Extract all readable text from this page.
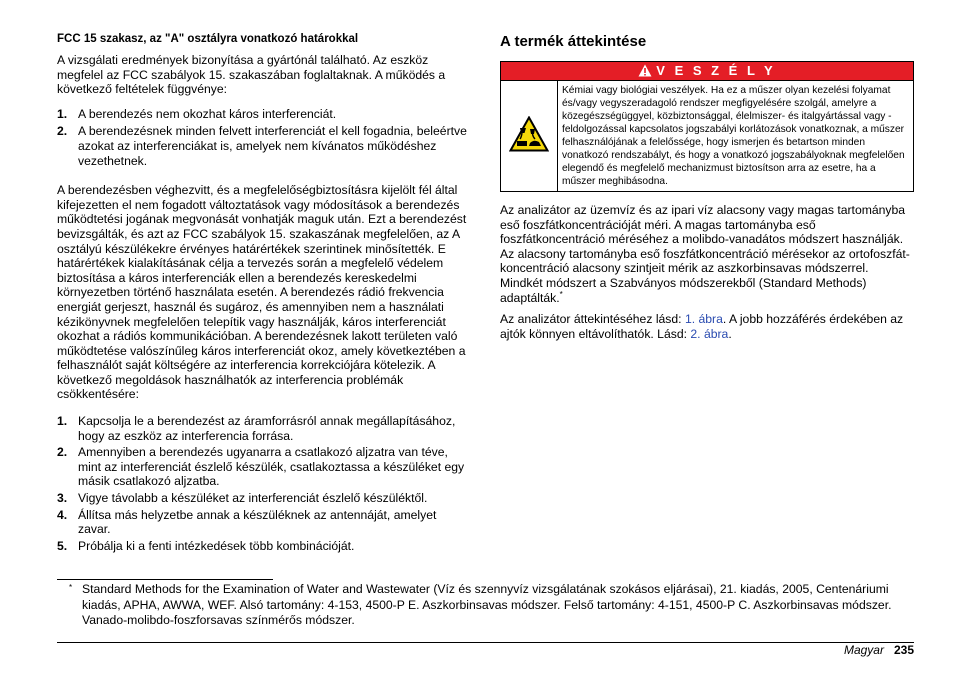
FCC 15 szakasz, az "A" osztályra vonatkozó határokkal

A vizsgálati eredmények bizonyítása a gyártónál található. Az eszköz megfelel az FCC szabályok 15. szakaszában foglaltaknak. A működés a következő feltételek függvénye:

1. A berendezés nem okozhat káros interferenciát.
2. A berendezésnek minden felvett interferenciát el kell fogadnia, beleértve azokat az interferenciákat is, amelyek nem kívánatos működéshez vezethetnek.

A berendezésben véghezvitt, és a megfelelőségbiztosításra kijelölt fél által kifejezetten el nem fogadott változtatások vagy módosítások a berendezés működtetési jogának megvonását vonhatják maguk után. Ezt a berendezést bevizsgálták, és azt az FCC szabályok 15. szakaszának megfelelően, az A osztályú készülékekre érvényes határértékek szerintinek minősítették. E határértékek kialakításának célja a tervezés során a megfelelő védelem biztosítása a káros interferenciák ellen a berendezés kereskedelmi környezetben történő használata esetén. A berendezés rádió frekvencia energiát gerjeszt, használ és sugároz, és amennyiben nem a használati kézikönyvnek megfelelően telepítik vagy használják, káros interferenciát okozhat a rádiós kommunikációban. A berendezésnek lakott területen való működtetése valószínűleg káros interferenciát okoz, amely következtében a felhasználót saját költségére az interferencia korrekciójára kötelezik. A következő megoldások használhatók az interferencia problémák csökkentésére:

1. Kapcsolja le a berendezést az áramforrásról annak megállapításához, hogy az eszköz az interferencia forrása.
2. Amennyiben a berendezés ugyanarra a csatlakozó aljzatra van téve, mint az interferenciát észlelő készülék, csatlakoztassa a készüléket egy másik csatlakozó aljzatba.
3. Vigye távolabb a készüléket az interferenciát észlelő készüléktől.
4. Állítsa más helyzetbe annak a készüléknek az antennáját, amelyet zavar.
5. Próbálja ki a fenti intézkedések több kombinációját.
A termék áttekintése
V E S Z É L Y
Kémiai vagy biológiai veszélyek. Ha ez a műszer olyan kezelési folyamat és/vagy vegyszeradagoló rendszer megfigyelésére szolgál, amelyre a közegészségüggyel, közbiztonsággal, élelmiszer- és italgyártással vagy -feldolgozással kapcsolatos jogszabályi korlátozások vonatkoznak, a műszer felhasználójának a felelőssége, hogy ismerjen és betartson minden vonatkozó rendszabályt, és hogy a vonatkozó jogszabályoknak megfelelően elegendő és megfelelő mechanizmust biztosítson arra az esetre, ha a műszer meghibásodna.

Az analizátor az üzemvíz és az ipari víz alacsony vagy magas tartományba eső foszfátkoncentrációját méri. A magas tartományba eső foszfátkoncentráció méréséhez a molibdo-vanadátos módszert használják. Az alacsony tartományba eső foszfátkoncentráció mérésekor az ortofoszfát-koncentráció alacsony szintjeit mérik az aszkorbinsavas módszerrel. Mindkét módszert a Szabványos módszerekből (Standard Methods) adaptálták.*

Az analizátor áttekintéséhez lásd: 1. ábra. A jobb hozzáférés érdekében az ajtók könnyen eltávolíthatók. Lásd: 2. ábra.

* Standard Methods for the Examination of Water and Wastewater (Víz és szennyvíz vizsgálatának szokásos eljárásai), 21. kiadás, 2005, Centenáriumi kiadás, APHA, AWWA, WEF. Alsó tartomány: 4-153, 4500-P E. Aszkorbinsavas módszer. Felső tartomány: 4-151, 4500-P C. Aszkorbinsavas módszer. Vanado-molibdo-foszforsavas színmérős módszer.
Magyar 235
